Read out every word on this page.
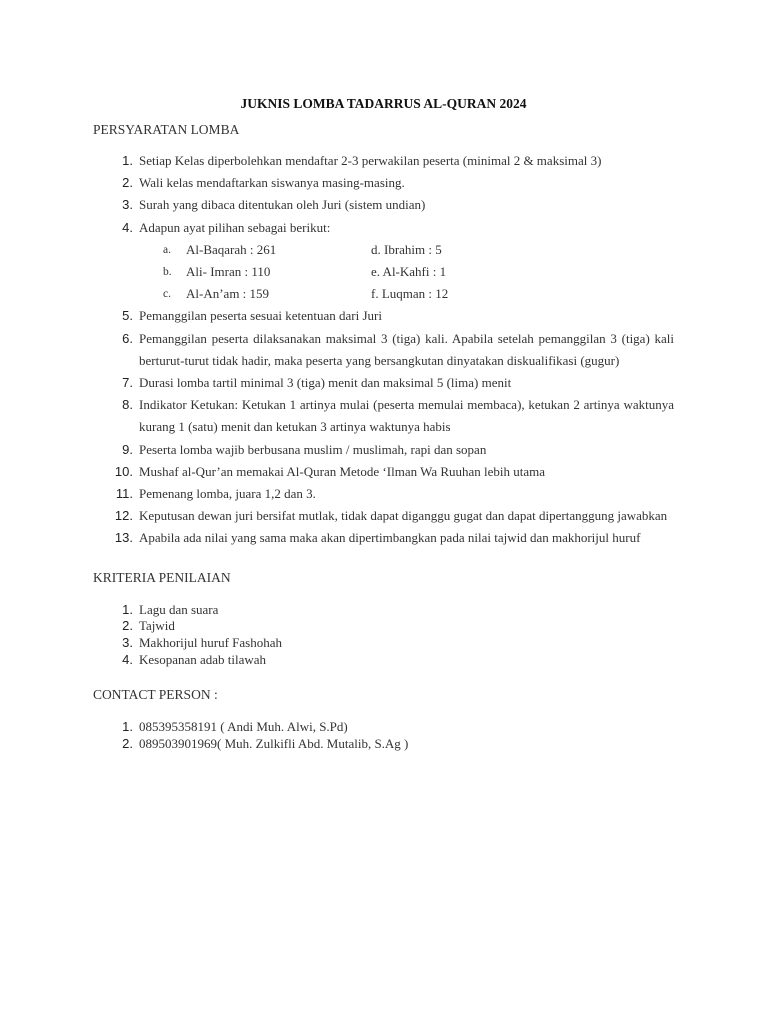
JUKNIS LOMBA TADARRUS AL-QURAN 2024
PERSYARATAN LOMBA
1. Setiap Kelas diperbolehkan mendaftar 2-3 perwakilan peserta (minimal 2 & maksimal 3)
2. Wali kelas mendaftarkan siswanya masing-masing.
3. Surah yang dibaca ditentukan oleh Juri (sistem undian)
4. Adapun ayat pilihan sebagai berikut:
a.	Al-Baqarah : 261	d. Ibrahim : 5
b.	Ali- Imran : 110	e. Al-Kahfi : 1
c.	Al-An’am : 159	f. Luqman : 12
5. Pemanggilan peserta sesuai ketentuan dari Juri
6. Pemanggilan peserta dilaksanakan maksimal 3 (tiga) kali. Apabila setelah pemanggilan 3 (tiga) kali berturut-turut tidak hadir, maka peserta yang bersangkutan dinyatakan diskualifikasi (gugur)
7. Durasi lomba tartil minimal 3 (tiga) menit dan maksimal 5 (lima) menit
8. Indikator Ketukan: Ketukan 1 artinya mulai (peserta memulai membaca), ketukan 2 artinya waktunya kurang 1 (satu) menit dan ketukan 3 artinya waktunya habis
9. Peserta lomba wajib berbusana muslim / muslimah, rapi dan sopan
10. Mushaf al-Qur’an memakai Al-Quran Metode ‘Ilman Wa Ruuhan lebih utama
11. Pemenang lomba, juara 1,2 dan 3.
12. Keputusan dewan juri bersifat mutlak, tidak dapat diganggu gugat dan dapat dipertanggung jawabkan
13. Apabila ada nilai yang sama maka akan dipertimbangkan pada nilai tajwid dan makhorijul huruf
KRITERIA PENILAIAN
1. Lagu dan suara
2. Tajwid
3. Makhorijul huruf Fashohah
4. Kesopanan adab tilawah
CONTACT PERSON :
1. 085395358191 ( Andi Muh. Alwi, S.Pd)
2. 089503901969( Muh. Zulkifli Abd. Mutalib, S.Ag )
